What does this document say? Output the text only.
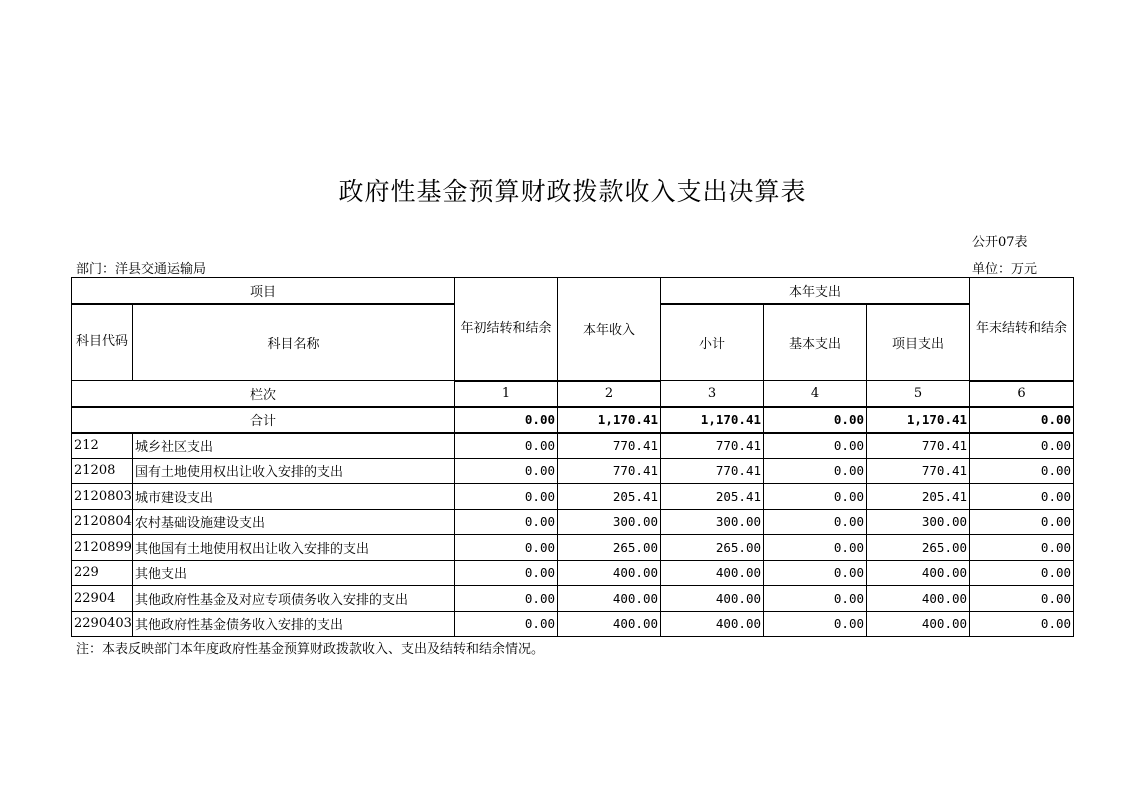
政府性基金预算财政拨款收入支出决算表
公开07表
部门：洋县交通运输局	单位：万元
项目		年初结转和结余	本年收入	本年支出			年末结转和结余
科目代码	科目名称			小计	基本支出	项目支出	
栏次		1	2	3	4	5	6
合计		0.00	1,170.41	1,170.41	0.00	1,170.41	0.00
212	城乡社区支出	0.00	770.41	770.41	0.00	770.41	0.00
21208	国有土地使用权出让收入安排的支出	0.00	770.41	770.41	0.00	770.41	0.00
2120803	城市建设支出	0.00	205.41	205.41	0.00	205.41	0.00
2120804	农村基础设施建设支出	0.00	300.00	300.00	0.00	300.00	0.00
2120899	其他国有土地使用权出让收入安排的支出	0.00	265.00	265.00	0.00	265.00	0.00
229	其他支出	0.00	400.00	400.00	0.00	400.00	0.00
22904	其他政府性基金及对应专项债务收入安排的支出	0.00	400.00	400.00	0.00	400.00	0.00
2290403	其他政府性基金债务收入安排的支出	0.00	400.00	400.00	0.00	400.00	0.00
注：本表反映部门本年度政府性基金预算财政拨款收入、支出及结转和结余情况。
